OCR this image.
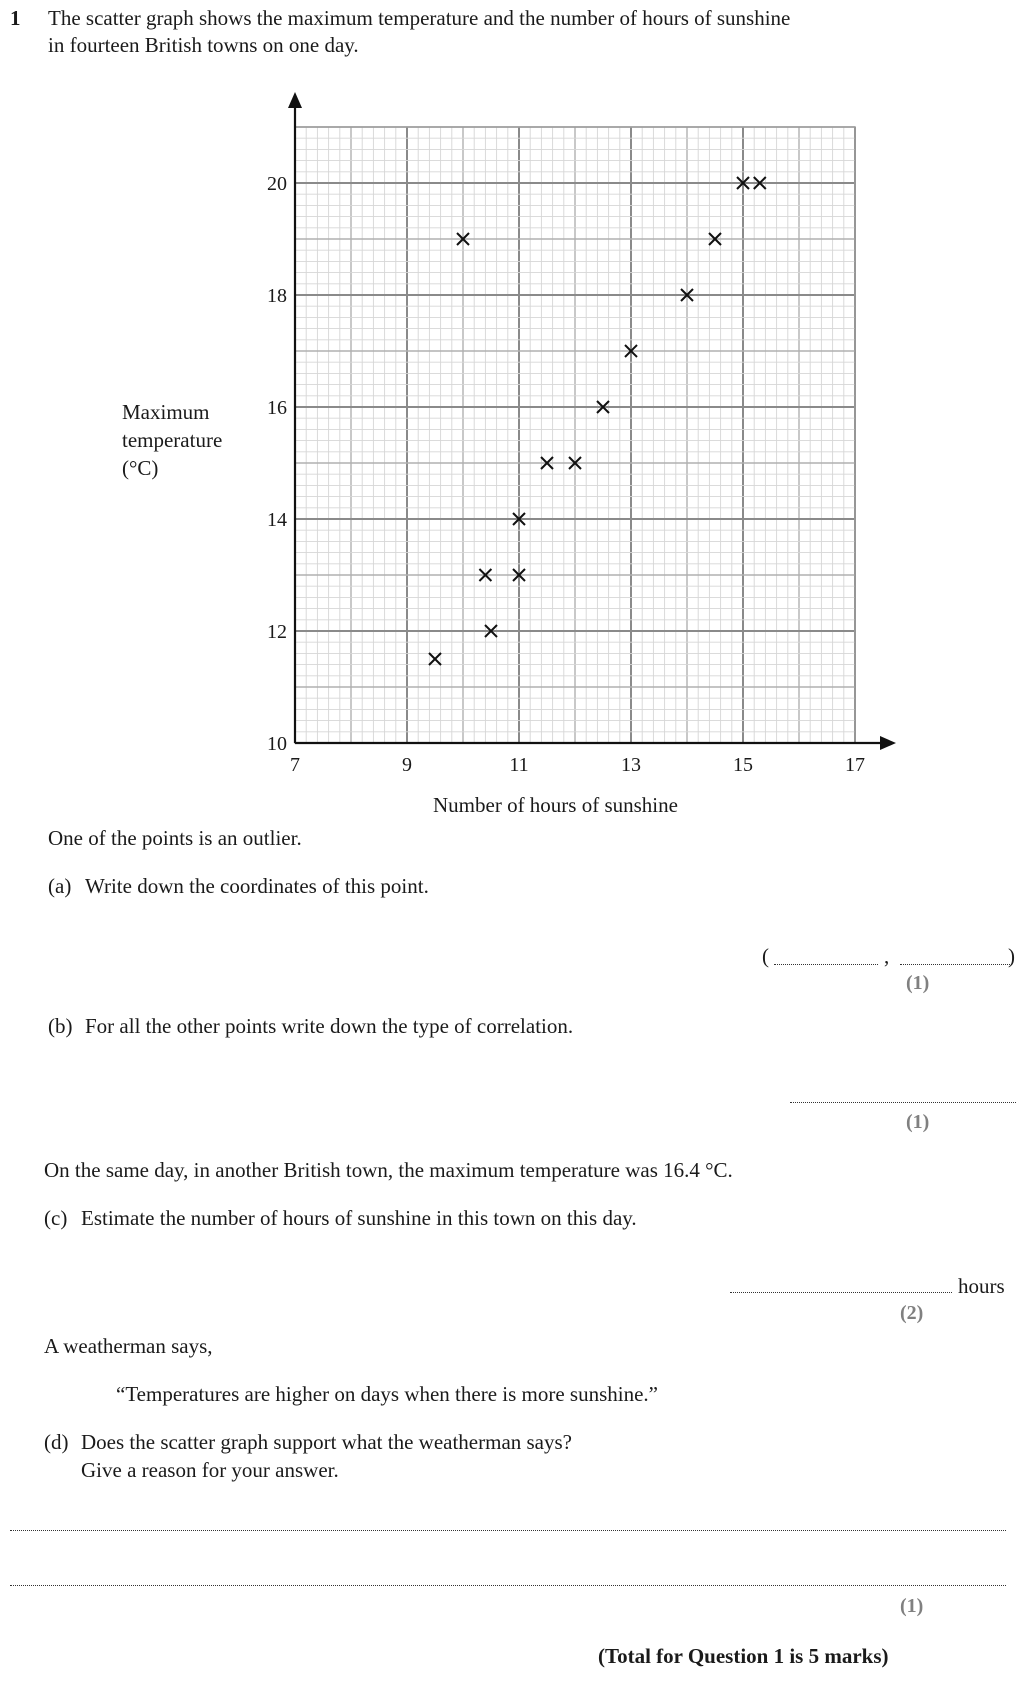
1 The scatter graph shows the maximum temperature and the number of hours of sunshine
in fourteen British towns on one day.
Maximum
temperature
(°C)
7	9	11	13	15	17
10
12
14
16
18
20
Number of hours of sunshine
One of the points is an outlier.
(a) Write down the coordinates of this point.
(	,	)
(1)
(b) For all the other points write down the type of correlation.
(1)
On the same day, in another British town, the maximum temperature was 16.4 °C.
(c) Estimate the number of hours of sunshine in this town on this day.
hours
(2)
A weatherman says,
“Temperatures are higher on days when there is more sunshine.”
(d) Does the scatter graph support what the weatherman says?
Give a reason for your answer.
(1)
(Total for Question 1 is 5 marks)
